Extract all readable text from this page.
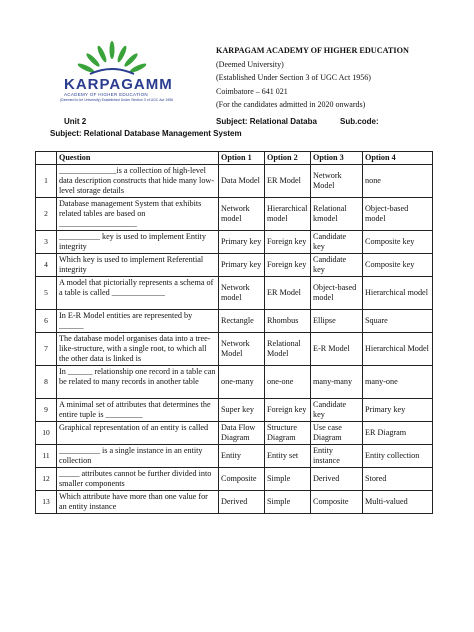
KARPAGAMM
ACADEMY OF HIGHER EDUCATION
(Deemed to be University) Established Under Section 3 of UGC Act 1956
KARPAGAM ACADEMY OF HIGHER EDUCATION
(Deemed University)
(Established Under Section 3 of UGC Act 1956)
Coimbatore – 641 021
(For the candidates admitted in 2020 onwards)
Unit 2	Subject: Relational Databa	Sub.code:
Subject: Relational Database Management System
	Question	Option 1	Option 2	Option 3	Option 4
1	______________is a collection of high-level data description constructs that hide many low-level storage details	Data Model	ER Model	Network Model	none
2	Database management System that exhibits related tables are based on ___________________	Network model	Hierarchical model	Relational kmodel	Object-based model
3	__________ key is used to implement Entity integrity	Primary key	Foreign key	Candidate key	Composite key
4	Which key is used to implement Referential integrity	Primary key	Foreign key	Candidate key	Composite key
5	A model that pictorially represents a schema of a table is called _____________	Network model	ER Model	Object-based model	Hierarchical model
6	In E-R Model entities are represented by ______	Rectangle	Rhombus	Ellipse	Square
7	The database model organises data into a tree-like-structure, with a single root, to which all the other data is linked is	Network Model	Relational Model	E-R Model	Hierarchical Model
8	In ______ relationship one record in a table can be related to many records in another table	one-many	one-one	many-many	many-one
9	A minimal set of attributes that determines the entire tuple is _________	Super key	Foreign key	Candidate key	Primary key
10	Graphical representation of an entity is called	Data Flow Diagram	Structure Diagram	Use case Diagram	ER Diagram
11	__________ is a single instance in an entity collection	Entity	Entity set	Entity instance	Entity collection
12	_____ attributes cannot be further divided into smaller components	Composite	Simple	Derived	Stored
13	Which attribute have more than one value for an entity instance	Derived	Simple	Composite	Multi-valued
